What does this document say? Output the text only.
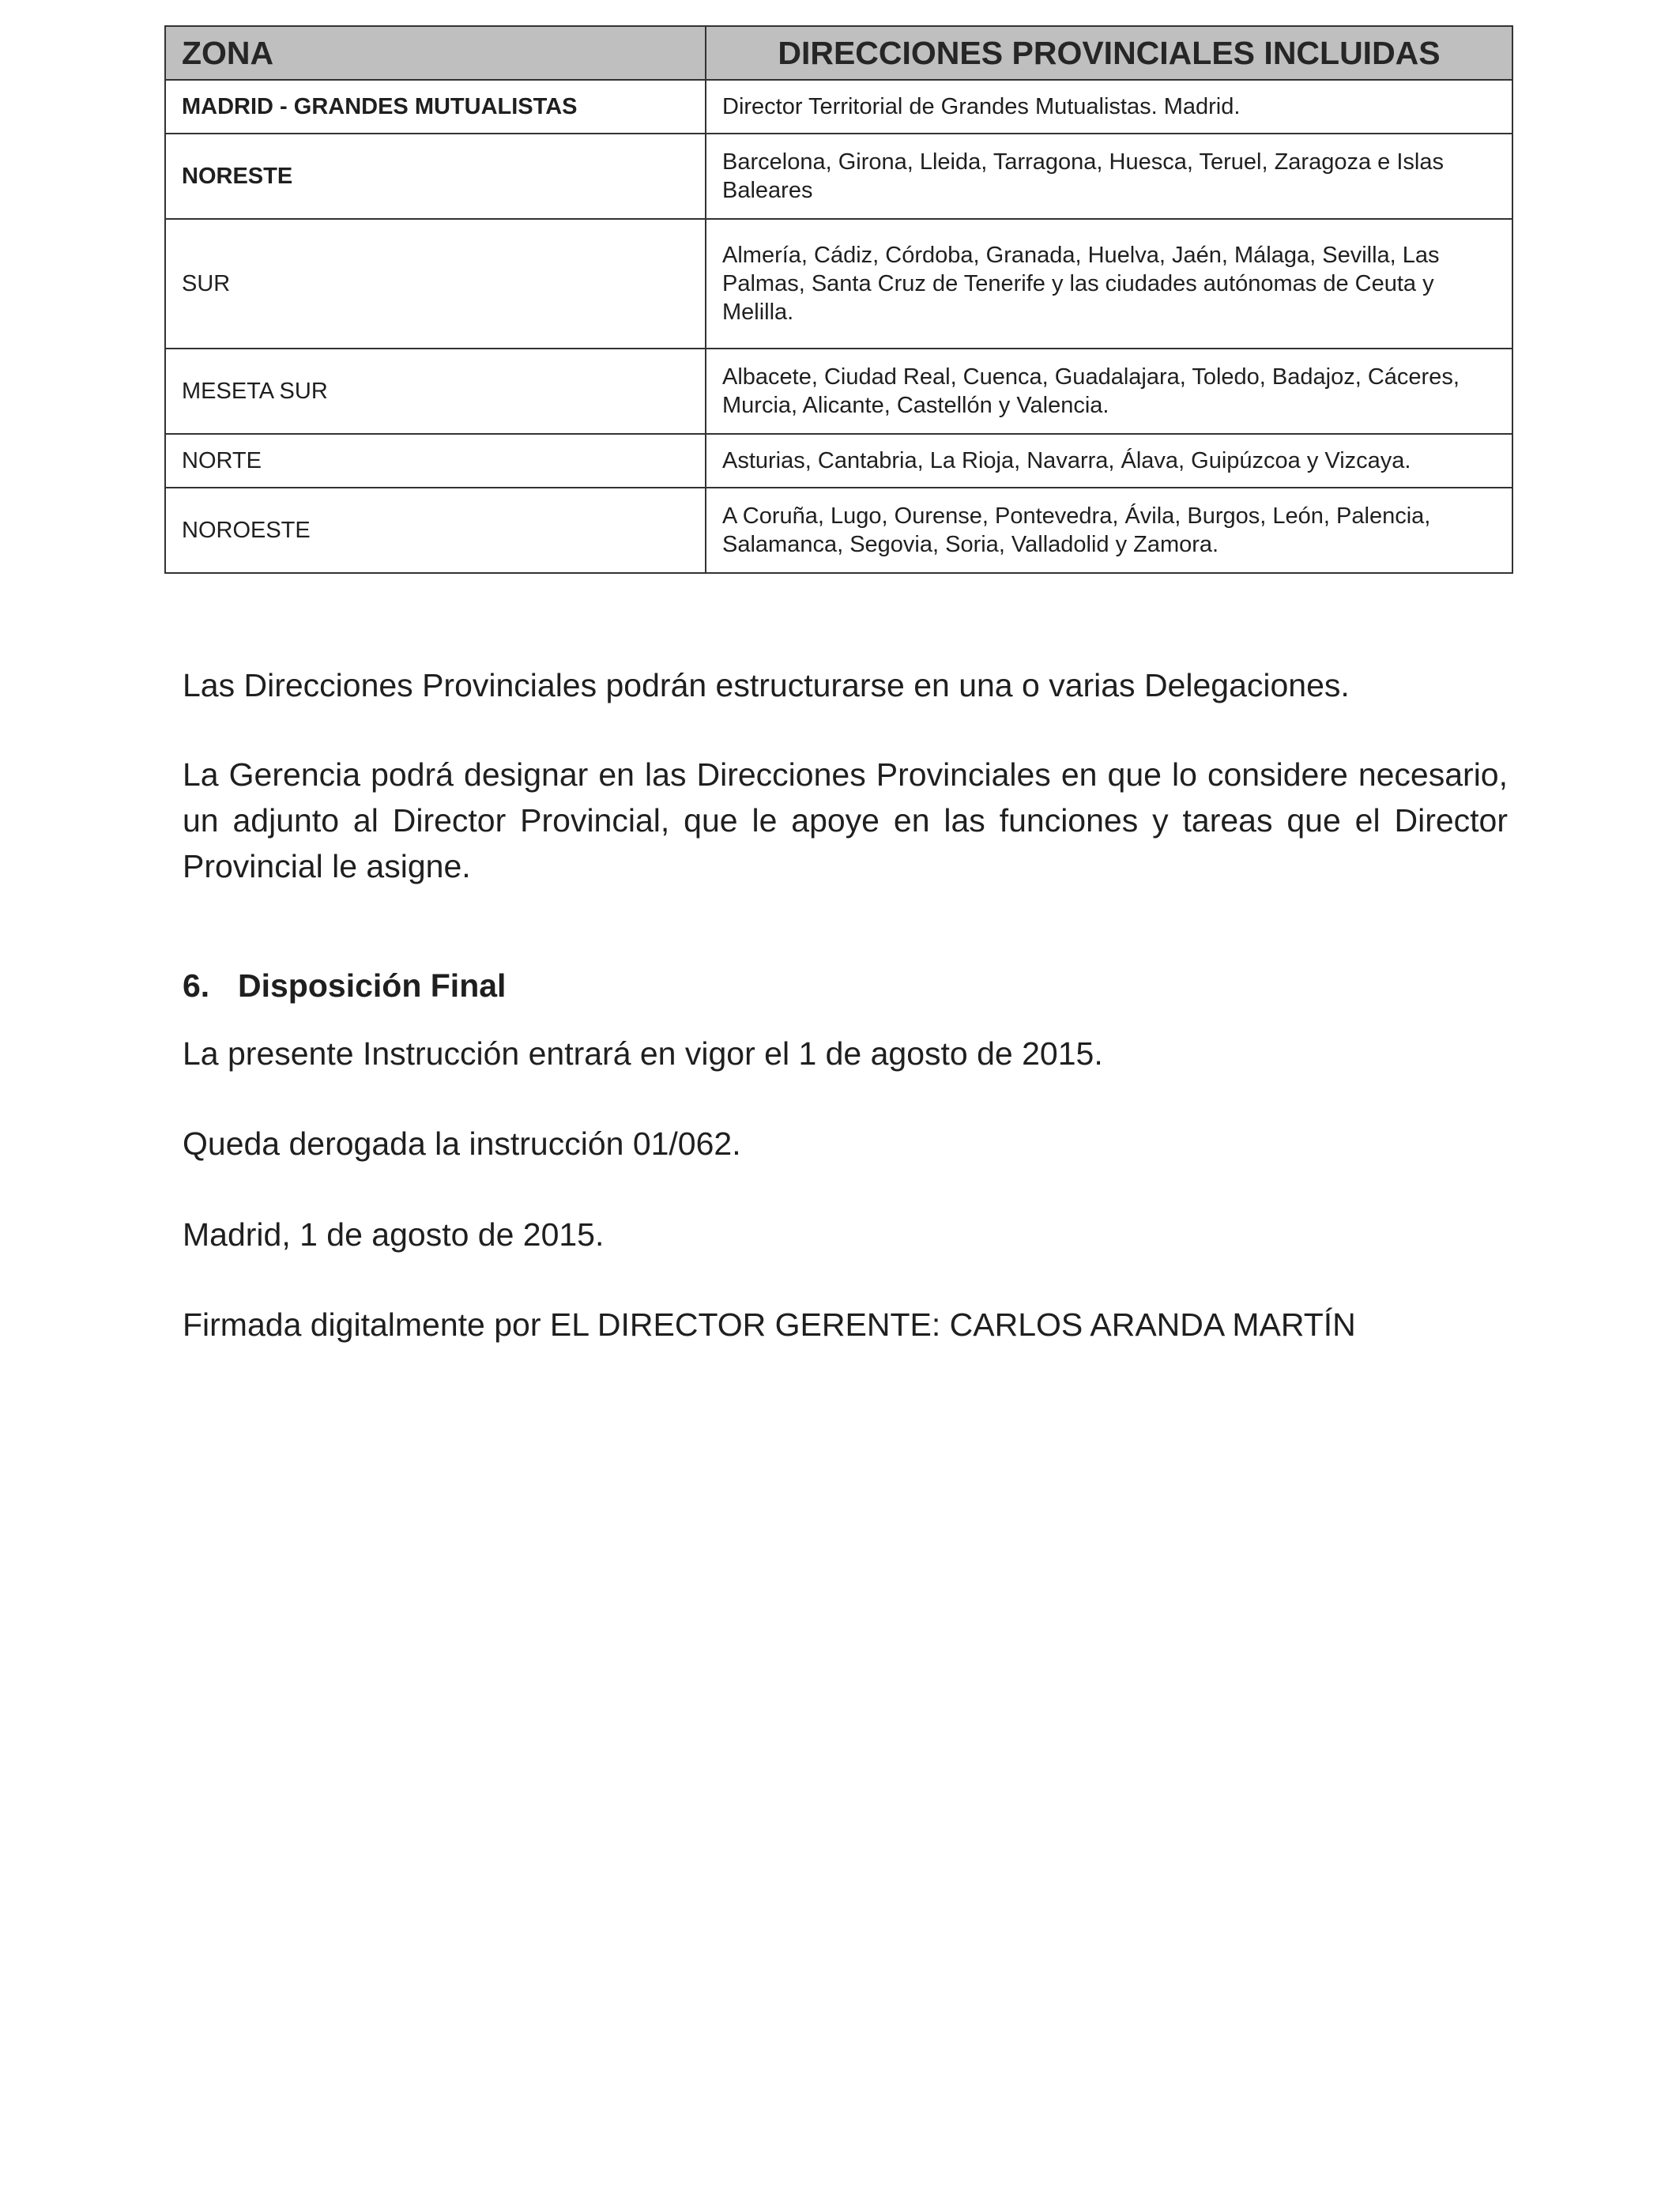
ZONA	DIRECCIONES PROVINCIALES INCLUIDAS
MADRID - GRANDES MUTUALISTAS	Director Territorial de Grandes Mutualistas. Madrid.
NORESTE	Barcelona, Girona, Lleida, Tarragona, Huesca, Teruel, Zaragoza e Islas Baleares
SUR	Almería, Cádiz, Córdoba, Granada, Huelva, Jaén, Málaga, Sevilla, Las Palmas, Santa Cruz de Tenerife y las ciudades autónomas de Ceuta y Melilla.
MESETA SUR	Albacete, Ciudad Real, Cuenca, Guadalajara, Toledo, Badajoz, Cáceres, Murcia, Alicante, Castellón y Valencia.
NORTE	Asturias, Cantabria, La Rioja, Navarra, Álava, Guipúzcoa y Vizcaya.
NOROESTE	A Coruña, Lugo, Ourense, Pontevedra, Ávila, Burgos, León, Palencia, Salamanca, Segovia, Soria, Valladolid y Zamora.

Las Direcciones Provinciales podrán estructurarse en una o varias Delegaciones.

La Gerencia podrá designar en las Direcciones Provinciales en que lo considere necesario, un adjunto al Director Provincial, que le apoye en las funciones y tareas que el Director Provincial le asigne.

6. Disposición Final

La presente Instrucción entrará en vigor el 1 de agosto de 2015.

Queda derogada la instrucción 01/062.

Madrid, 1 de agosto de 2015.

Firmada digitalmente por EL DIRECTOR GERENTE: CARLOS ARANDA MARTÍN
